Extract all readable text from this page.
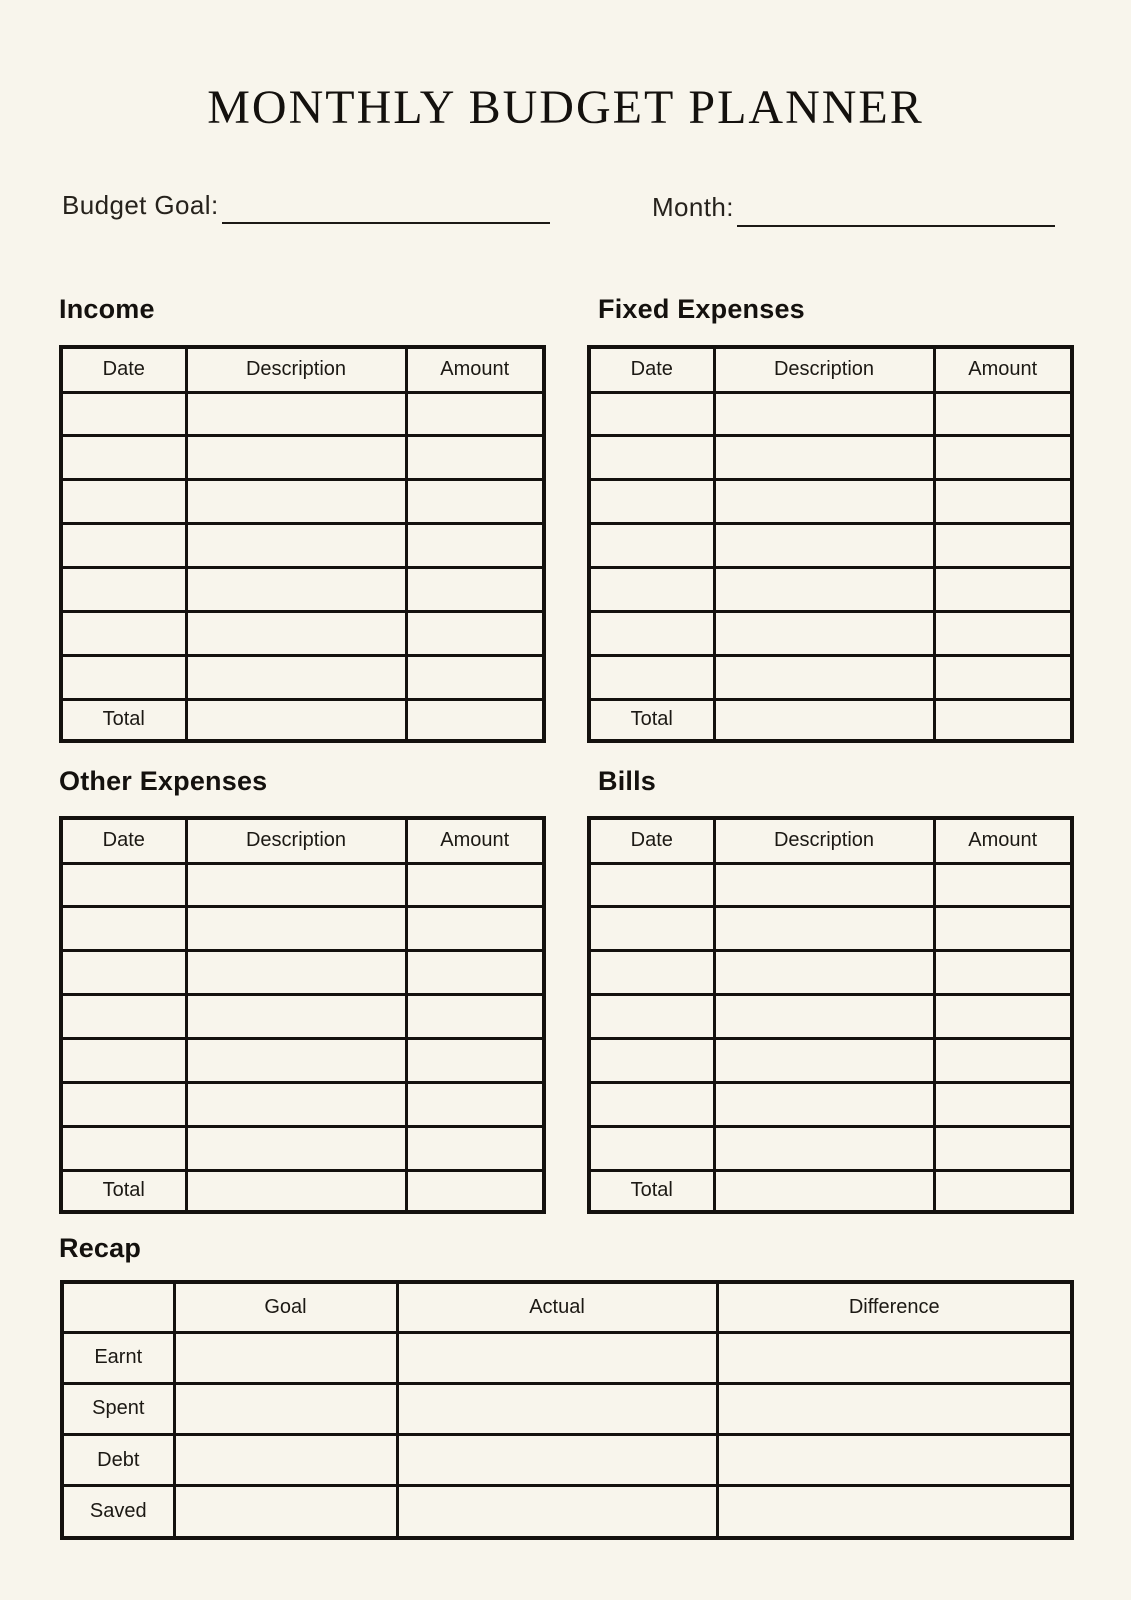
MONTHLY BUDGET PLANNER
Budget Goal:	Month:
Income	Fixed Expenses
Other Expenses	Bills
Recap
Date	Description	Amount

Total		
Date	Description	Amount

Total		
Date	Description	Amount

Total		
Date	Description	Amount

Total		
	Goal	Actual	Difference
Earnt			
Spent			
Debt			
Saved			
